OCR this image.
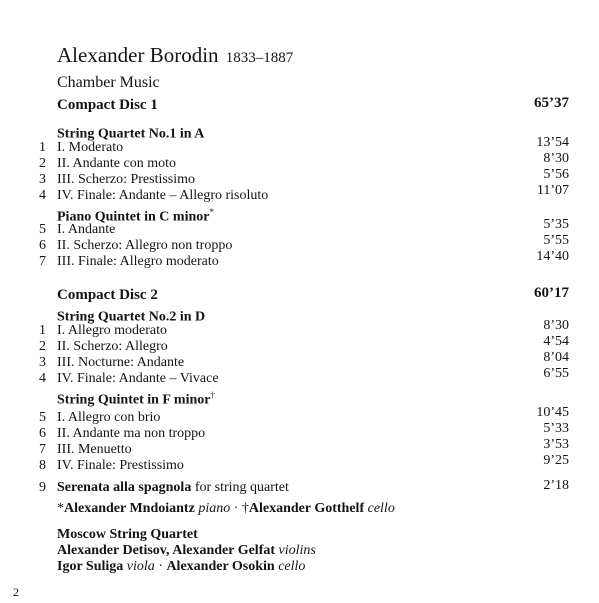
Alexander Borodin 1833–1887
Chamber Music
Compact Disc 1	65’37
String Quartet No.1 in A
1 I. Moderato	13’54
2 II. Andante con moto	8’30
3 III. Scherzo: Prestissimo	5’56
4 IV. Finale: Andante – Allegro risoluto	11’07
Piano Quintet in C minor*
5 I. Andante	5’35
6 II. Scherzo: Allegro non troppo	5’55
7 III. Finale: Allegro moderato	14’40
Compact Disc 2	60’17
String Quartet No.2 in D
1 I. Allegro moderato	8’30
2 II. Scherzo: Allegro	4’54
3 III. Nocturne: Andante	8’04
4 IV. Finale: Andante – Vivace	6’55
String Quintet in F minor†
5 I. Allegro con brio	10’45
6 II. Andante ma non troppo	5’33
7 III. Menuetto	3’53
8 IV. Finale: Prestissimo	9’25
9 Serenata alla spagnola for string quartet	2’18
*Alexander Mndoiantz piano · †Alexander Gotthelf cello
Moscow String Quartet
Alexander Detisov, Alexander Gelfat violins
Igor Suliga viola · Alexander Osokin cello
2
